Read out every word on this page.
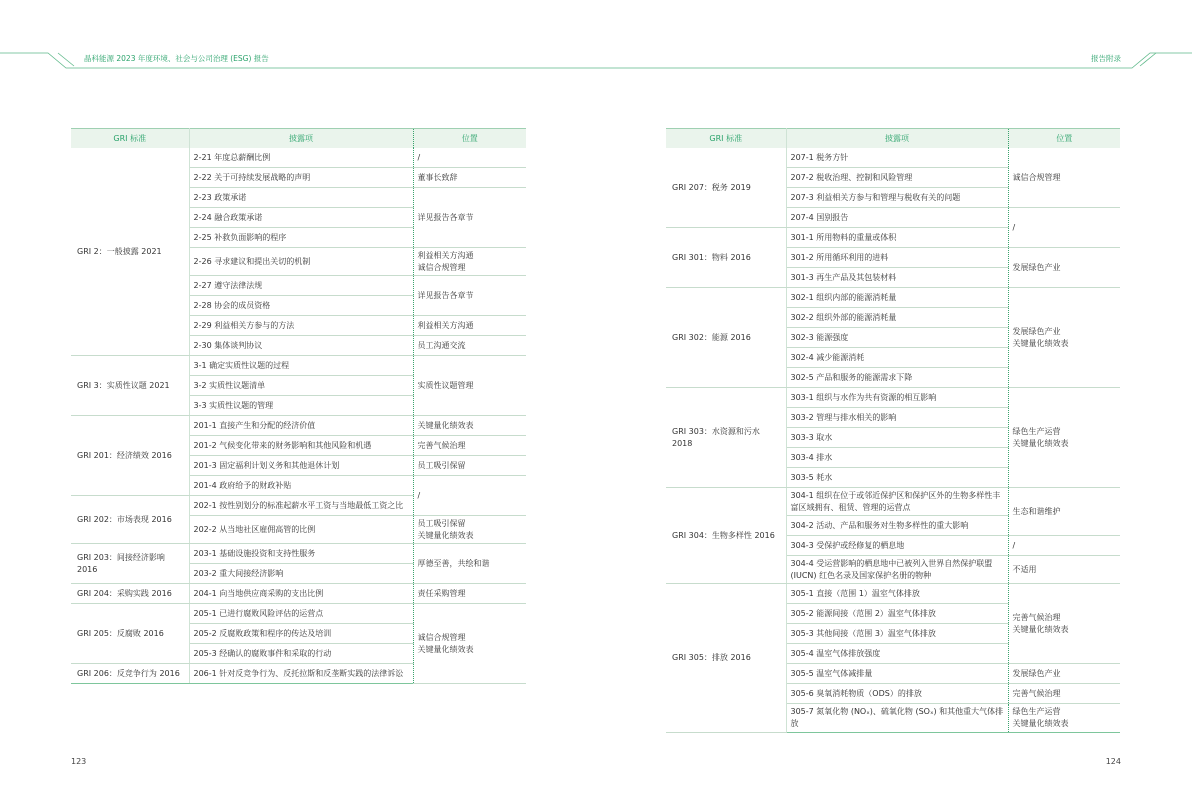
晶科能源 2023 年度环境、社会与公司治理 (ESG) 报告	报告附录
GRI 标准	披露项	位置
GRI 2：一般披露 2021	2-21 年度总薪酬比例	/
	2-22 关于可持续发展战略的声明	董事长致辞
	2-23 政策承诺	详见报告各章节
	2-24 融合政策承诺	
	2-25 补救负面影响的程序	
	2-26 寻求建议和提出关切的机制	利益相关方沟通
诚信合规管理
	2-27 遵守法律法规	详见报告各章节
	2-28 协会的成员资格	
	2-29 利益相关方参与的方法	利益相关方沟通
	2-30 集体谈判协议	员工沟通交流
GRI 3：实质性议题 2021	3-1 确定实质性议题的过程	实质性议题管理
	3-2 实质性议题清单	
	3-3 实质性议题的管理	
GRI 201：经济绩效 2016	201-1 直接产生和分配的经济价值	关键量化绩效表
	201-2 气候变化带来的财务影响和其他风险和机遇	完善气候治理
	201-3 固定福利计划义务和其他退休计划	员工吸引保留
	201-4 政府给予的财政补贴	/
GRI 202：市场表现 2016	202-1 按性别划分的标准起薪水平工资与当地最低工资之比	
	202-2 从当地社区雇佣高管的比例	员工吸引保留
关键量化绩效表
GRI 203：间接经济影响 2016	203-1 基础设施投资和支持性服务	厚德至善，共绘和谐
	203-2 重大间接经济影响	
GRI 204：采购实践 2016	204-1 向当地供应商采购的支出比例	责任采购管理
GRI 205：反腐败 2016	205-1 已进行腐败风险评估的运营点	诚信合规管理
关键量化绩效表
	205-2 反腐败政策和程序的传达及培训	
	205-3 经确认的腐败事件和采取的行动	
GRI 206：反竞争行为 2016	206-1 针对反竞争行为、反托拉斯和反垄断实践的法律诉讼	
GRI 标准	披露项	位置
GRI 207：税务 2019	207-1 税务方针	诚信合规管理
	207-2 税收治理、控制和风险管理	
	207-3 利益相关方参与和管理与税收有关的问题	
	207-4 国别报告	/
GRI 301：物料 2016	301-1 所用物料的重量或体积	
	301-2 所用循环利用的进料	发展绿色产业
	301-3 再生产品及其包装材料	
GRI 302：能源 2016	302-1 组织内部的能源消耗量	发展绿色产业
关键量化绩效表
	302-2 组织外部的能源消耗量	
	302-3 能源强度	
	302-4 减少能源消耗	
	302-5 产品和服务的能源需求下降	
GRI 303：水资源和污水 2018	303-1 组织与水作为共有资源的相互影响	绿色生产运营
关键量化绩效表
	303-2 管理与排水相关的影响	
	303-3 取水	
	303-4 排水	
	303-5 耗水	
GRI 304：生物多样性 2016	304-1 组织在位于或邻近保护区和保护区外的生物多样性丰富区域拥有、租赁、管理的运营点	生态和谐维护
	304-2 活动、产品和服务对生物多样性的重大影响	
	304-3 受保护或经修复的栖息地	/
	304-4 受运营影响的栖息地中已被列入世界自然保护联盟 (IUCN) 红色名录及国家保护名册的物种	不适用
GRI 305：排放 2016	305-1 直接（范围 1）温室气体排放	完善气候治理
关键量化绩效表
	305-2 能源间接（范围 2）温室气体排放	
	305-3 其他间接（范围 3）温室气体排放	
	305-4 温室气体排放强度	
	305-5 温室气体减排量	发展绿色产业
	305-6 臭氧消耗物质（ODS）的排放	完善气候治理
	305-7 氮氧化物 (NOₓ)、硫氧化物 (SOₓ) 和其他重大气体排放	绿色生产运营
关键量化绩效表
123	124
